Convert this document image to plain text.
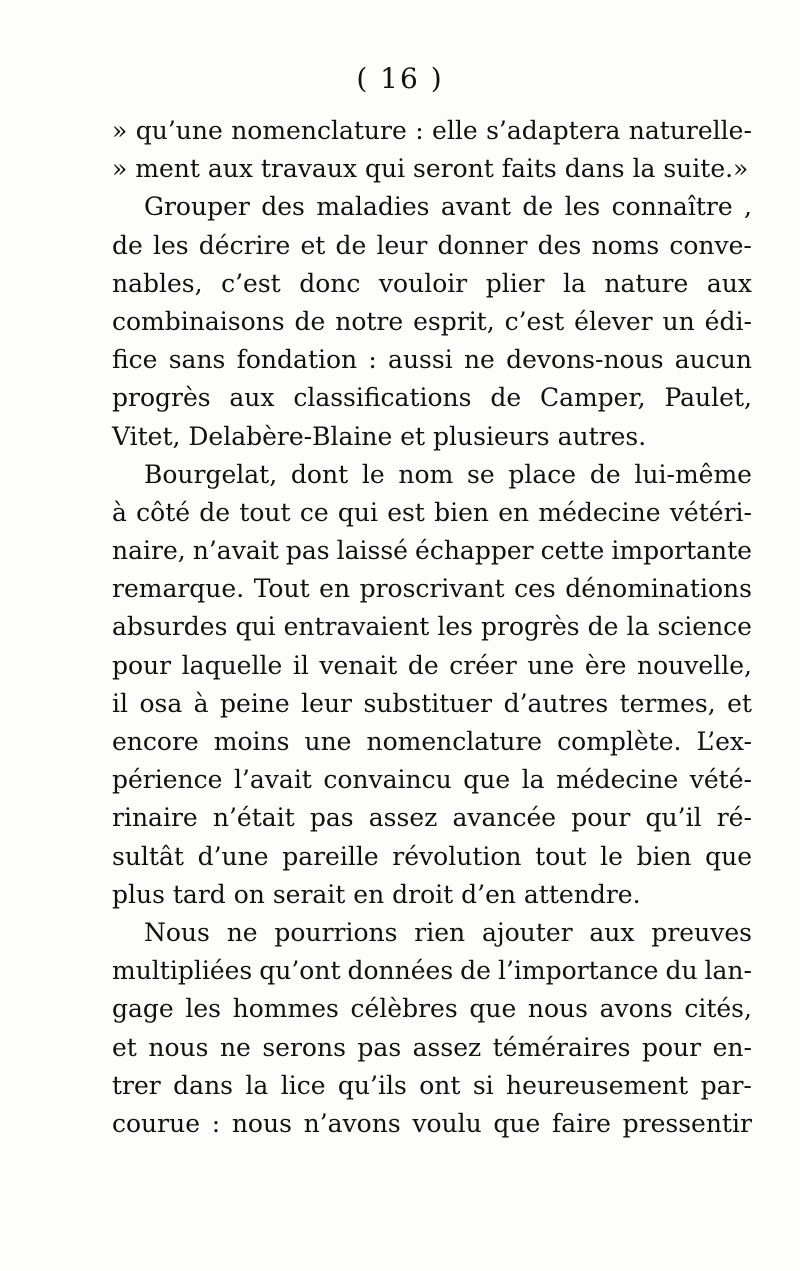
( 16 )
» qu’une nomenclature : elle s’adaptera naturelle-
» ment aux travaux qui seront faits dans la suite.»
Grouper des maladies avant de les connaître ,
de les décrire et de leur donner des noms conve-
nables, c’est donc vouloir plier la nature aux
combinaisons de notre esprit, c’est élever un édi-
fice sans fondation : aussi ne devons-nous aucun
progrès aux classifications de Camper, Paulet,
Vitet, Delabère-Blaine et plusieurs autres.
Bourgelat, dont le nom se place de lui-même
à côté de tout ce qui est bien en médecine vétéri-
naire, n’avait pas laissé échapper cette importante
remarque. Tout en proscrivant ces dénominations
absurdes qui entravaient les progrès de la science
pour laquelle il venait de créer une ère nouvelle,
il osa à peine leur substituer d’autres termes, et
encore moins une nomenclature complète. L’ex-
périence l’avait convaincu que la médecine vété-
rinaire n’était pas assez avancée pour qu’il ré-
sultât d’une pareille révolution tout le bien que
plus tard on serait en droit d’en attendre.
Nous ne pourrions rien ajouter aux preuves
multipliées qu’ont données de l’importance du lan-
gage les hommes célèbres que nous avons cités,
et nous ne serons pas assez téméraires pour en-
trer dans la lice qu’ils ont si heureusement par-
courue : nous n’avons voulu que faire pressentir
